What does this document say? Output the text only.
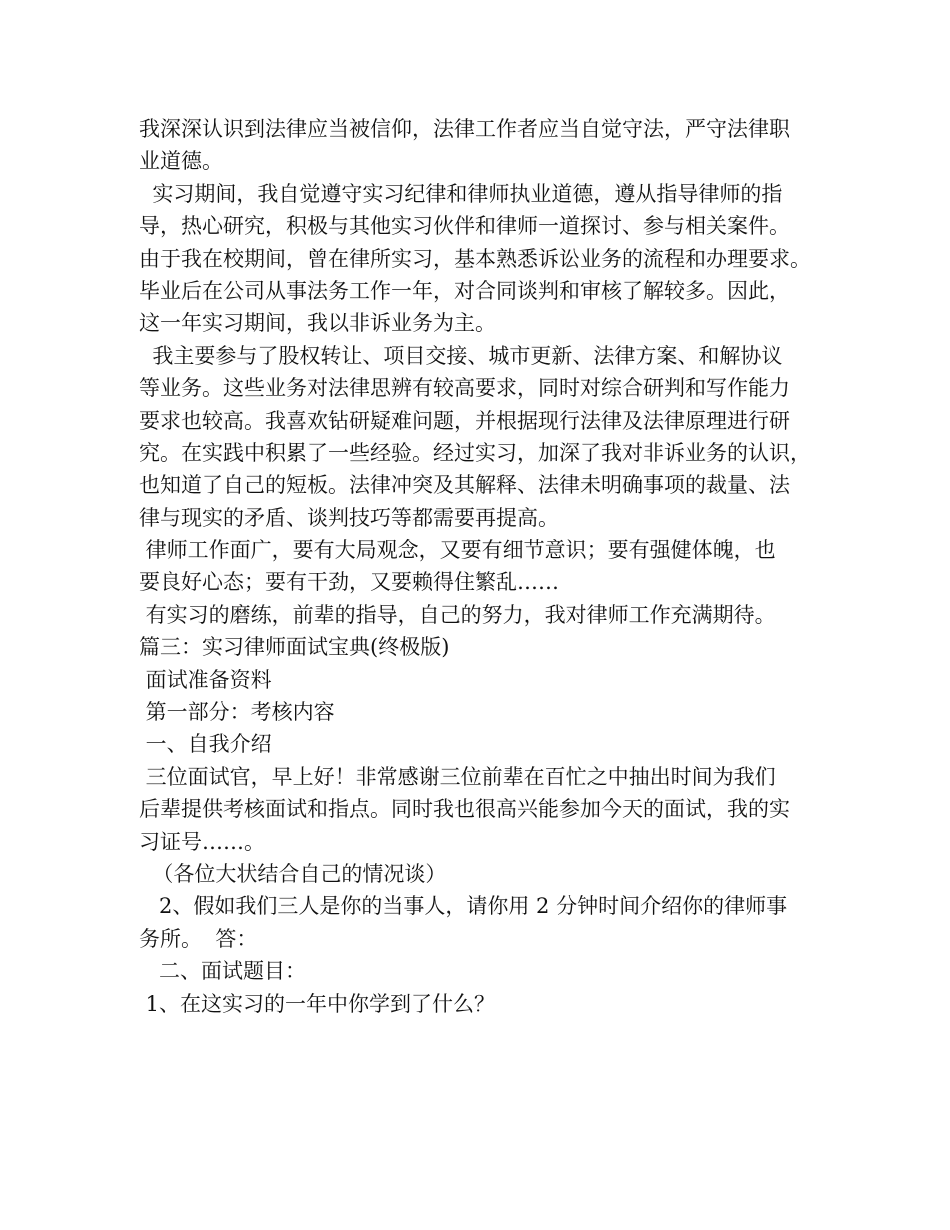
我深深认识到法律应当被信仰，法律工作者应当自觉守法，严守法律职
业道德。
实习期间，我自觉遵守实习纪律和律师执业道德，遵从指导律师的指
导，热心研究，积极与其他实习伙伴和律师一道探讨、参与相关案件。
由于我在校期间，曾在律所实习，基本熟悉诉讼业务的流程和办理要求。
毕业后在公司从事法务工作一年，对合同谈判和审核了解较多。因此，
这一年实习期间，我以非诉业务为主。
我主要参与了股权转让、项目交接、城市更新、法律方案、和解协议
等业务。这些业务对法律思辨有较高要求，同时对综合研判和写作能力
要求也较高。我喜欢钻研疑难问题，并根据现行法律及法律原理进行研
究。在实践中积累了一些经验。经过实习，加深了我对非诉业务的认识，
也知道了自己的短板。法律冲突及其解释、法律未明确事项的裁量、法
律与现实的矛盾、谈判技巧等都需要再提高。
律师工作面广，要有大局观念，又要有细节意识；要有强健体魄，也
要良好心态；要有干劲，又要赖得住繁乱……
有实习的磨练，前辈的指导，自己的努力，我对律师工作充满期待。
篇三：实习律师面试宝典(终极版)
面试准备资料
第一部分：考核内容
一、自我介绍
三位面试官，早上好！非常感谢三位前辈在百忙之中抽出时间为我们
后辈提供考核面试和指点。同时我也很高兴能参加今天的面试，我的实
习证号……。
（各位大状结合自己的情况谈）
2、假如我们三人是你的当事人，请你用 2 分钟时间介绍你的律师事
务所。  答：
二、面试题目：
1、在这实习的一年中你学到了什么？
